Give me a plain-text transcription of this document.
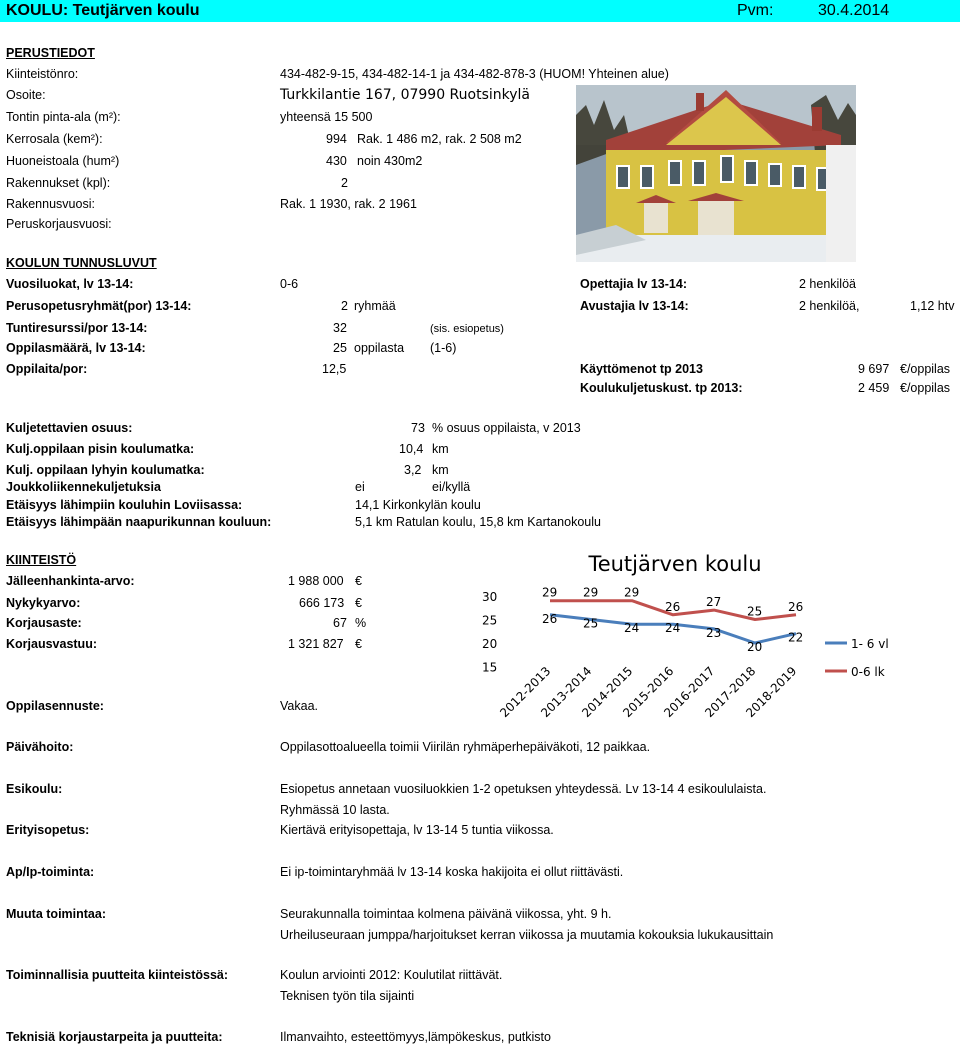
KOULU: Teutjärven koulu	Pvm:	30.4.2014
PERUSTIEDOT
Kiinteistönro:	434-482-9-15, 434-482-14-1 ja 434-482-878-3 (HUOM! Yhteinen alue)
Osoite:	Turkkilantie 167, 07990 Ruotsinkylä
Tontin pinta-ala (m²):	yhteensä 15 500
Kerrosala (kem²):	994 Rak. 1 486 m2, rak. 2 508 m2
Huoneistoala (hum²)	430 noin 430m2
Rakennukset (kpl):	2
Rakennusvuosi:	Rak. 1 1930, rak. 2 1961
Peruskorjausvuosi:
KOULUN TUNNUSLUVUT
Vuosiluokat, lv 13-14:	0-6	Opettajia lv 13-14:	2 henkilöä
Perusopetusryhmät(por) 13-14:	2 ryhmää	Avustajia lv 13-14:	2 henkilöä,	1,12 htv
Tuntiresurssi/por 13-14:	32	(sis. esiopetus)
Oppilasmäärä, lv 13-14:	25 oppilasta (1-6)
Oppilaita/por:	12,5	Käyttömenot tp 2013	9 697 €/oppilas
Koulukuljetuskust. tp 2013:	2 459 €/oppilas
Kuljetettavien osuus:	73 % osuus oppilaista, v 2013
Kulj.oppilaan pisin koulumatka:	10,4 km
Kulj. oppilaan lyhyin koulumatka:	3,2 km
Joukkoliikennekuljetuksia	ei	ei/kyllä
Etäisyys lähimpiin kouluhin Loviisassa:	14,1 Kirkonkylän koulu
Etäisyys lähimpään naapurikunnan kouluun:	5,1 km Ratulan koulu, 15,8 km Kartanokoulu
KIINTEISTÖ
Jälleenhankinta-arvo:	1 988 000 €
Nykykyarvo:	666 173 €
Korjausaste:	67 %
Korjausvastuu:	1 321 827 €
Teutjärven koulu
30
25
20
15
26 25 24 24 23
20
22
29 29 29
26 27
25 26
2012-2013
2013-2014
2014-2015
2015-2016
2016-2017
2017-2018
2018-2019
1- 6 vl
0-6 lk
Oppilasennuste:	Vakaa.
Päivähoito:	Oppilasottoalueella toimii Viirilän ryhmäperhepäiväkoti, 12 paikkaa.
Esikoulu:	Esiopetus annetaan vuosiluokkien 1-2 opetuksen yhteydessä. Lv 13-14 4 esikoululaista.
Ryhmässä 10 lasta.
Erityisopetus:	Kiertävä erityisopettaja, lv 13-14 5 tuntia viikossa.
Ap/Ip-toiminta:	Ei ip-toimintaryhmää lv 13-14 koska hakijoita ei ollut riittävästi.
Muuta toimintaa:	Seurakunnalla toimintaa kolmena päivänä viikossa, yht. 9 h.
Urheiluseuraan jumppa/harjoitukset kerran viikossa ja muutamia kokouksia lukukausittain
Toiminnallisia puutteita kiinteistössä:	Koulun arviointi 2012: Koulutilat riittävät.
Teknisen työn tila sijainti
Teknisiä korjaustarpeita ja puutteita:	Ilmanvaihto, esteettömyys,lämpökeskus, putkisto
